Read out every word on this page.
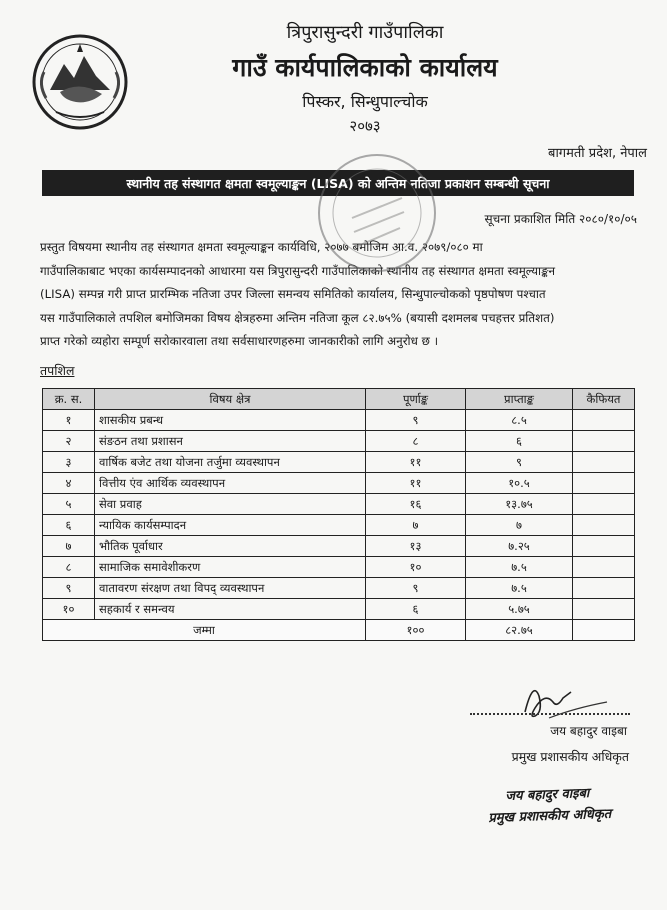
त्रिपुरासुन्दरी गाउँपालिका
गाउँ कार्यपालिकाको कार्यालय
पिस्कर, सिन्धुपाल्चोक
२०७३
बागमती प्रदेश, नेपाल
स्थानीय तह संस्थागत क्षमता स्वमूल्याङ्कन (LISA) को अन्तिम नतिजा प्रकाशन सम्बन्धी सूचना
सूचना प्रकाशित मिति २०८०/१०/०५
प्रस्तुत विषयमा स्थानीय तह संस्थागत क्षमता स्वमूल्याङ्कन कार्यविधि, २०७७ बमोजिम आ.व. २०७९/०८० मा
गाउँपालिकाबाट भएका कार्यसम्पादनको आधारमा यस त्रिपुरासुन्दरी गाउँपालिकाको स्थानीय तह संस्थागत क्षमता स्वमूल्याङ्कन
(LISA) सम्पन्न गरी प्राप्त प्रारम्भिक नतिजा उपर जिल्ला समन्वय समितिको कार्यालय, सिन्धुपाल्चोकको पृष्ठपोषण पश्चात
यस गाउँपालिकाले तपशिल बमोजिमका विषय क्षेत्रहरुमा अन्तिम नतिजा कूल ८२.७५% (बयासी दशमलब पचहत्तर प्रतिशत)
प्राप्त गरेको व्यहोरा सम्पूर्ण सरोकारवाला तथा सर्वसाधारणहरुमा जानकारीको लागि अनुरोध छ ।
तपशिल
क्र. स.	विषय क्षेत्र	पूर्णाङ्क	प्राप्ताङ्क	कैफियत
१	शासकीय प्रबन्ध	९	८.५	
२	संङठन तथा प्रशासन	८	६	
३	वार्षिक बजेट तथा योजना तर्जुमा व्यवस्थापन	११	९	
४	वित्तीय एंव आर्थिक व्यवस्थापन	११	१०.५	
५	सेवा प्रवाह	१६	१३.७५	
६	न्यायिक कार्यसम्पादन	७	७	
७	भौतिक पूर्वाधार	१३	७.२५	
८	सामाजिक समावेशीकरण	१०	७.५	
९	वातावरण संरक्षण तथा विपद् व्यवस्थापन	९	७.५	
१०	सहकार्य र समन्वय	६	५.७५	
जम्मा		१००	८२.७५	
जय बहादुर वाइबा
प्रमुख प्रशासकीय अधिकृत
जय बहादुर वाइबा
प्रमुख प्रशासकीय अधिकृत
